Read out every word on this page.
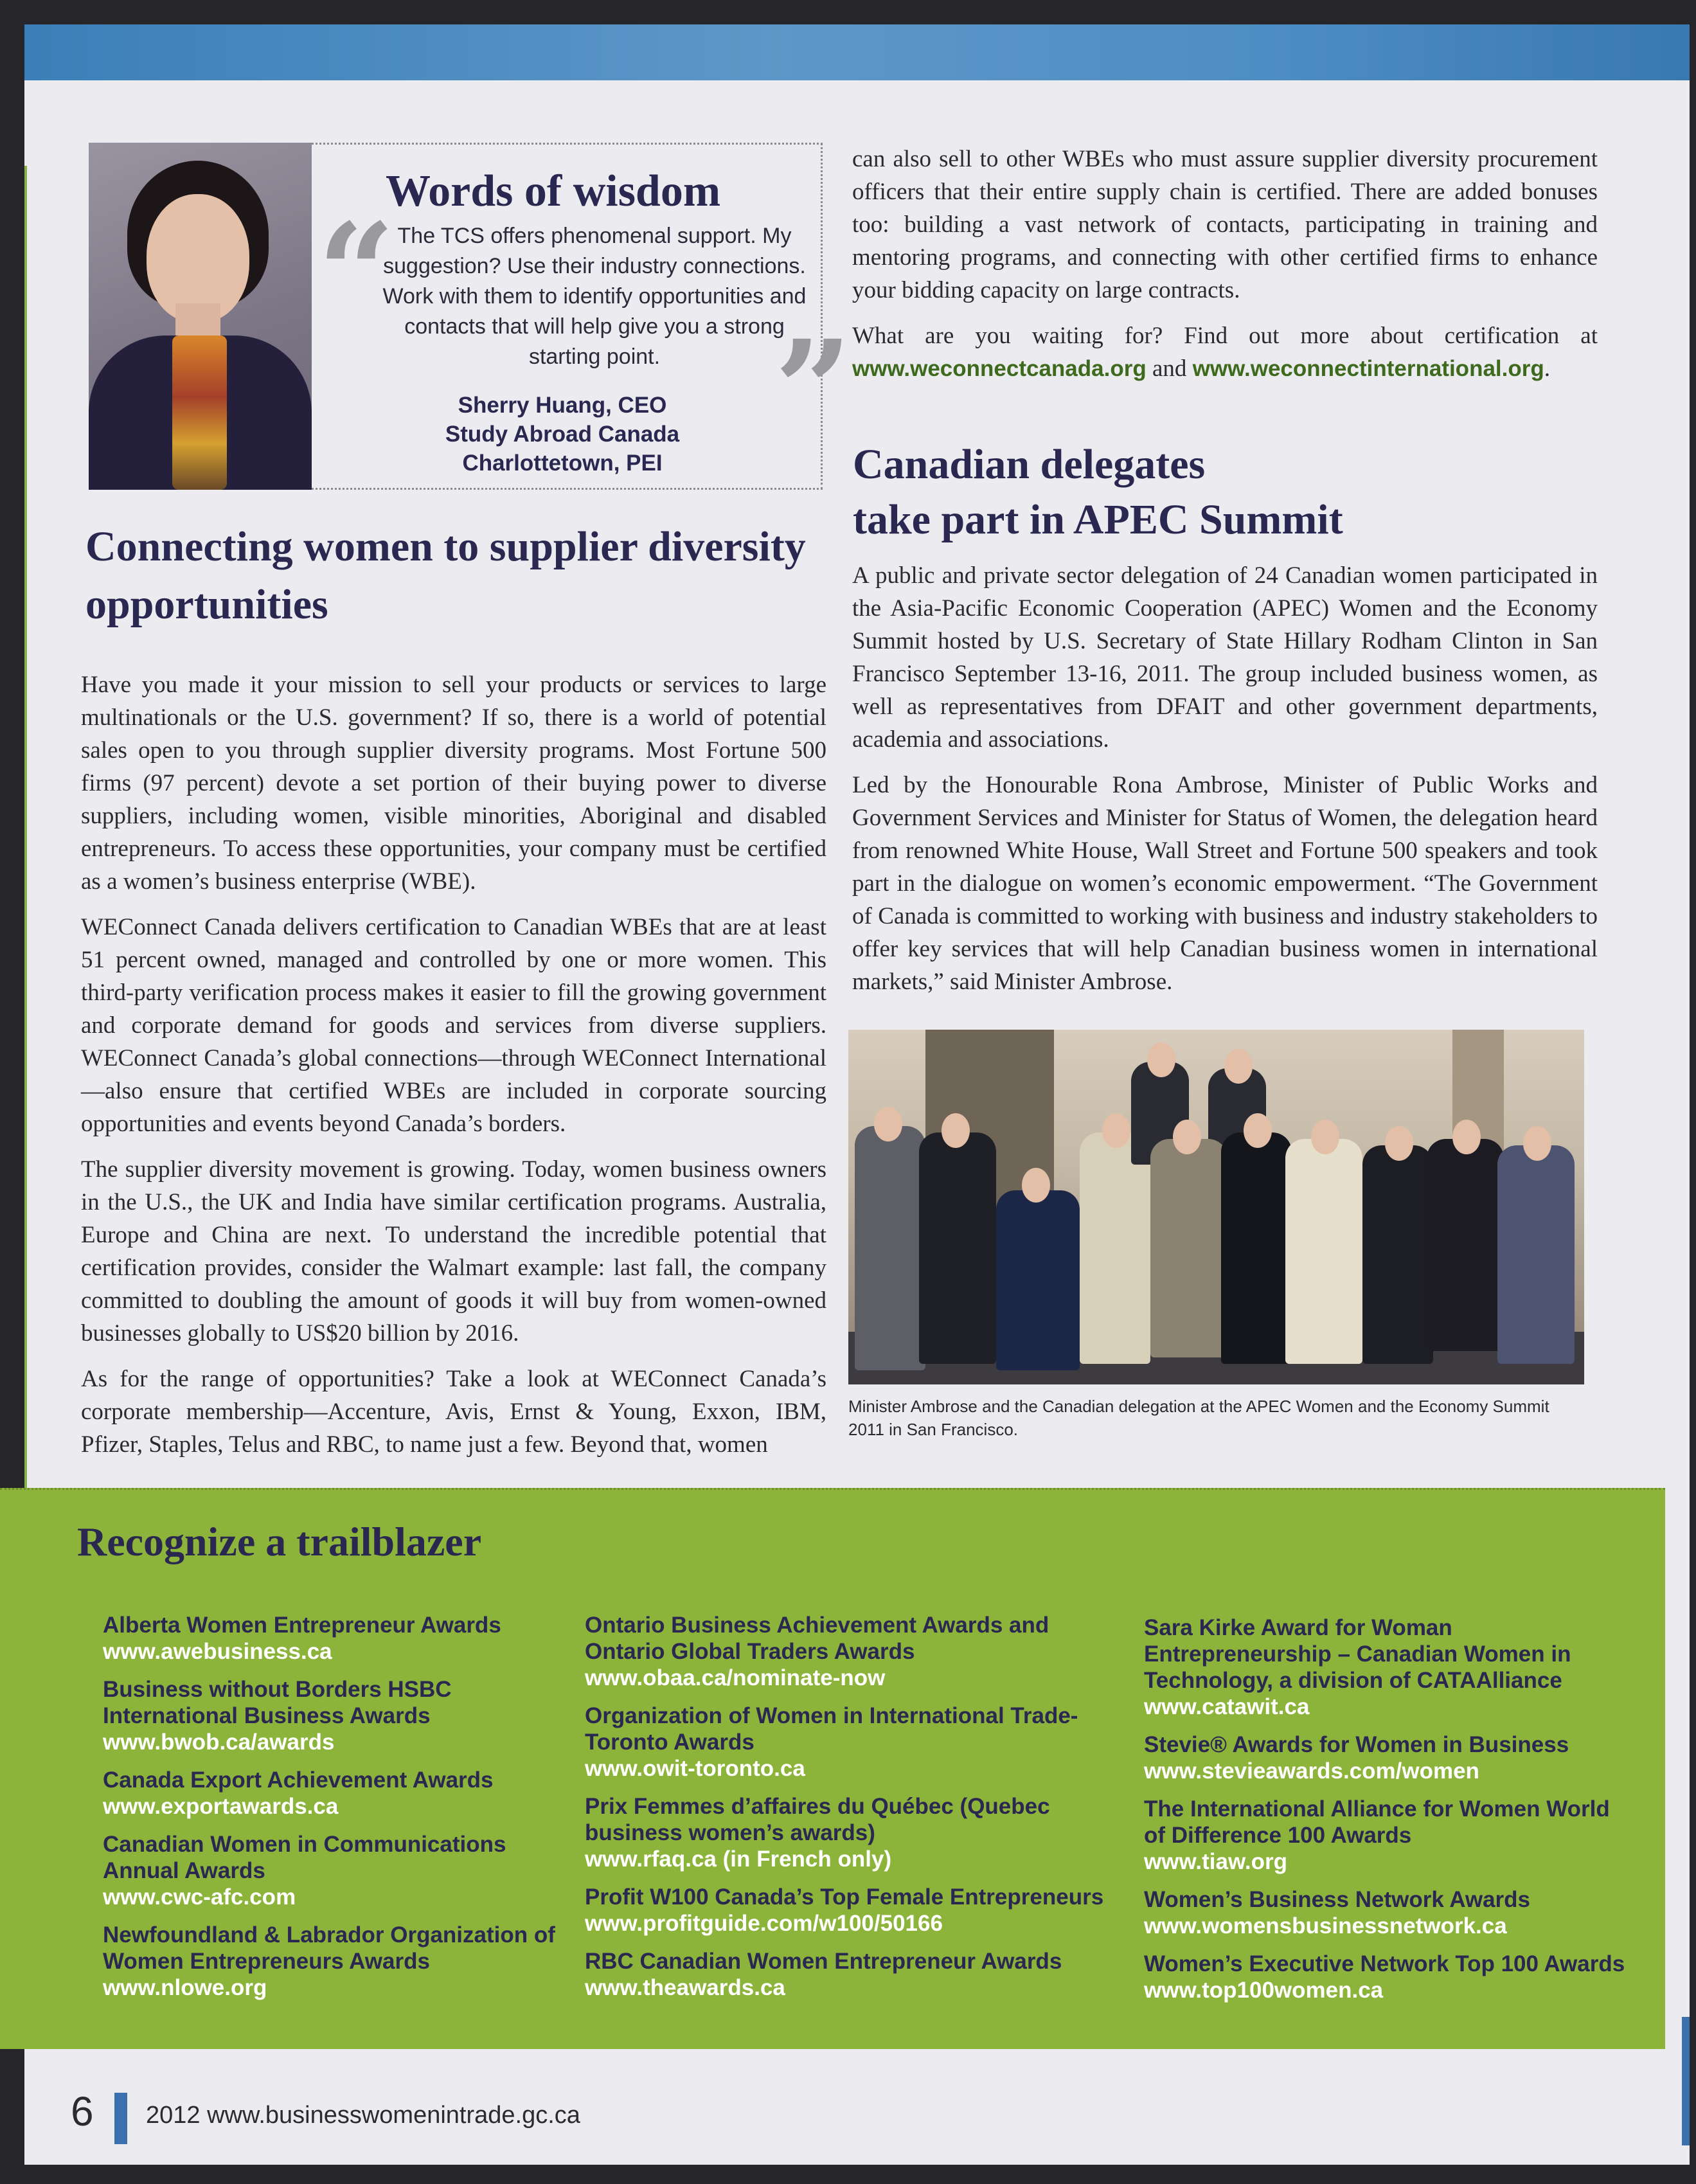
“
”
Words of wisdom
The TCS offers phenomenal support. My suggestion? Use their industry connections. Work with them to identify opportunities and contacts that will help give you a strong starting point.
Sherry Huang, CEO
Study Abroad Canada
Charlottetown, PEI
Connecting women to supplier diversity opportunities

Have you made it your mission to sell your products or services to large multinationals or the U.S. government? If so, there is a world of potential sales open to you through supplier diversity programs. Most Fortune 500 firms (97 percent) devote a set portion of their buying power to diverse suppliers, including women, visible minorities, Aboriginal and disabled entrepreneurs. To access these opportunities, your company must be certified as a women’s business enterprise (WBE).

WEConnect Canada delivers certification to Canadian WBEs that are at least 51 percent owned, managed and controlled by one or more women. This third-party verification process makes it easier to fill the growing government and corporate demand for goods and services from diverse suppliers. WEConnect Canada’s global connections—through WEConnect International—also ensure that certified WBEs are included in corporate sourcing opportunities and events beyond Canada’s borders.

The supplier diversity movement is growing. Today, women business owners in the U.S., the UK and India have similar certification programs. Australia, Europe and China are next. To understand the incredible potential that certification provides, consider the Walmart example: last fall, the company committed to doubling the amount of goods it will buy from women-owned businesses globally to US$20 billion by 2016.

As for the range of opportunities? Take a look at WEConnect Canada’s corporate membership—Accenture, Avis, Ernst & Young, Exxon, IBM, Pfizer, Staples, Telus and RBC, to name just a few. Beyond that, women

can also sell to other WBEs who must assure supplier diversity procurement officers that their entire supply chain is certified. There are added bonuses too: building a vast network of contacts, participating in training and mentoring programs, and connecting with other certified firms to enhance your bidding capacity on large contracts.

What are you waiting for? Find out more about certification at www.weconnectcanada.org and www.weconnectinternational.org.

Canadian delegates
take part in APEC Summit

A public and private sector delegation of 24 Canadian women participated in the Asia-Pacific Economic Cooperation (APEC) Women and the Economy Summit hosted by U.S. Secretary of State Hillary Rodham Clinton in San Francisco September 13-16, 2011. The group included business women, as well as representatives from DFAIT and other government departments, academia and associations.

Led by the Honourable Rona Ambrose, Minister of Public Works and Government Services and Minister for Status of Women, the delegation heard from renowned White House, Wall Street and Fortune 500 speakers and took part in the dialogue on women’s economic empowerment. “The Government of Canada is committed to working with business and industry stakeholders to offer key services that will help Canadian business women in international markets,” said Minister Ambrose.

Minister Ambrose and the Canadian delegation at the APEC Women and the Economy Summit 2011 in San Francisco.
Recognize a trailblazer
Alberta Women Entrepreneur Awards
www.awebusiness.ca
Business without Borders HSBC International Business Awards
www.bwob.ca/awards
Canada Export Achievement Awards
www.exportawards.ca
Canadian Women in Communications Annual Awards
www.cwc-afc.com
Newfoundland & Labrador Organization of Women Entrepreneurs Awards
www.nlowe.org
Ontario Business Achievement Awards and Ontario Global Traders Awards
www.obaa.ca/nominate-now
Organization of Women in International Trade-Toronto Awards
www.owit-toronto.ca
Prix Femmes d’affaires du Québec (Quebec business women’s awards)
www.rfaq.ca (in French only)
Profit W100 Canada’s Top Female Entrepreneurs
www.profitguide.com/w100/50166
RBC Canadian Women Entrepreneur Awards
www.theawards.ca
Sara Kirke Award for Woman Entrepreneurship – Canadian Women in Technology, a division of CATAAlliance
www.catawit.ca
Stevie® Awards for Women in Business
www.stevieawards.com/women
The International Alliance for Women World of Difference 100 Awards
www.tiaw.org
Women’s Business Network Awards
www.womensbusinessnetwork.ca
Women’s Executive Network Top 100 Awards
www.top100women.ca
6 2012 www.businesswomenintrade.gc.ca
